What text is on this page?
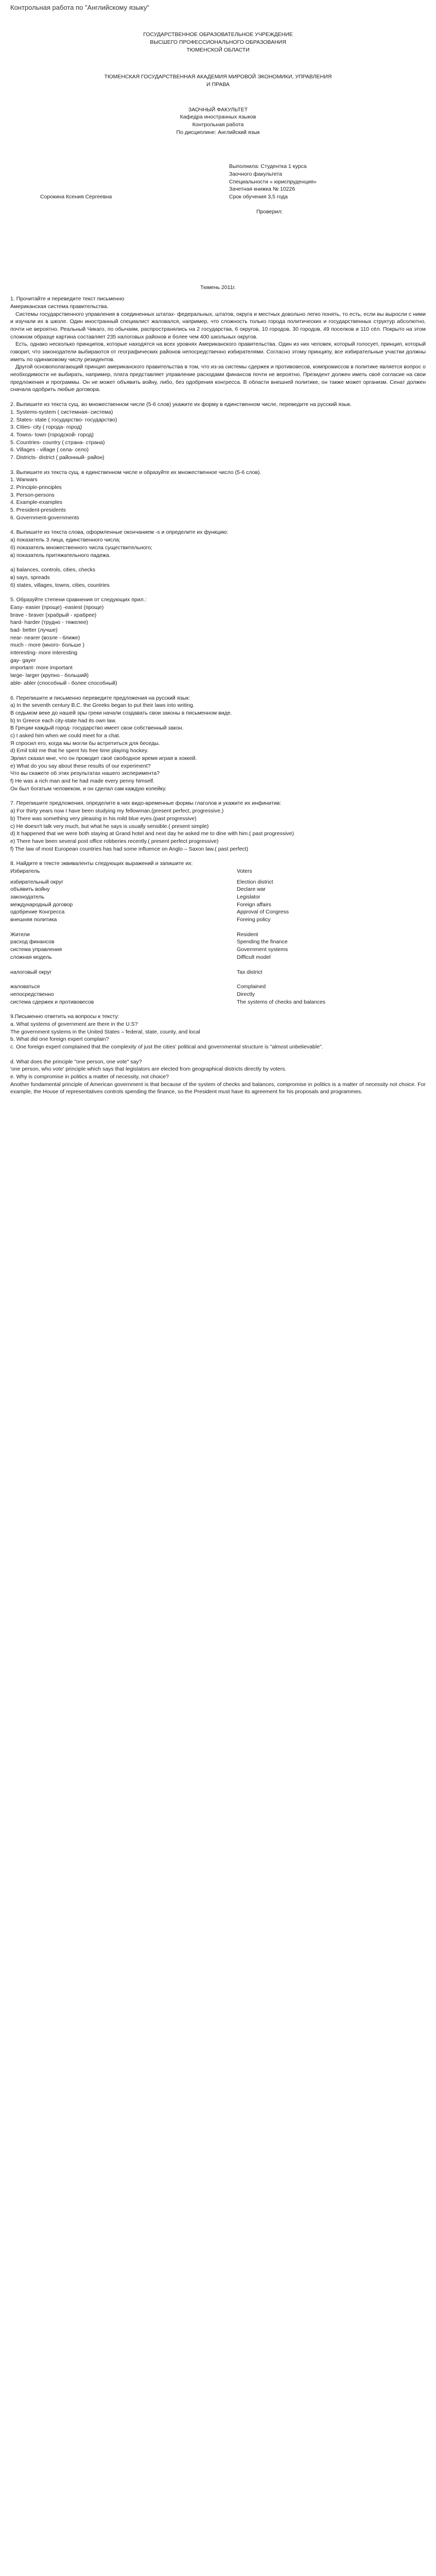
Контрольная работа по "Английскому языку"

ГОСУДАРСТВЕННОЕ ОБРАЗОВАТЕЛЬНОЕ УЧРЕЖДЕНИЕ

ВЫСШЕГО ПРОФЕССИОНАЛЬНОГО ОБРАЗОВАНИЯ

ТЮМЕНСКОЙ ОБЛАСТИ

ТЮМЕНСКАЯ ГОСУДАРСТВЕННАЯ АКАДЕМИЯ МИРОВОЙ ЭКОНОМИКИ, УПРАВЛЕНИЯ

И ПРАВА

ЗАОЧНЫЙ ФАКУЛЬТЕТ

Кафедра иностранных языков

Контрольная работа

По дисциплине: Английский язык

Выполнила: Студентка 1 курса

Заочного факультета

Специальности « юриспруденция»

Зачетная книжка № 10226

Сорокина Ксения Сергеевна	Срок обучения 3,5 года
Проверил:
Тюмень 2011г.

1. Прочитайте и переведите текст письменно

Американская система правительства.

Системы государственного управления в соединенных штатах- федеральных, штатов, округа и местных довольно легко понять, то есть, если вы выросли с ними и изучали их в школе. Один иностранный специалист жаловался, например, что сложность только города политических и государственных структур абсолютно, почти не вероятно. Реальный Чикаго, по обычаям, распространялись на 2 государства, 6 округов, 10 городов, 30 городов, 49 поселков и 110 сёл. Покрыто на этом сложном образце картина составляет 235 налоговых районов и более чем 400 школьных округов.

Есть, однако несколько принципов, которые находятся на всех уровнях Американского правительства. Один из них человек, который голосует, принцип, который говорит, что законодатели выбираются от географических районов непосредственно избирателями. Согласно этому принципу, все избирательные участки должны иметь по одинаковому числу резидентов.

Другой основополагающий принцип американского правительства в том, что из-за системы сдержек и противовесов, компромиссов в политике является вопрос о необходимости не выбирать, например, плата представляет управление расходами финансов почти не вероятно. Президент должен иметь своё согласие на свои предложения и программы. Он не может объявить войну, либо, без одобрения конгресса. В области внешней политике, он также может организм. Сенат должен сначала одобрить любые договора.

2. Выпишите из текста сущ. во множественном числе (5-6 слов) укажите их форму в единственном числе, переведите на русский язык.

1. Systems-system ( системная- система)

2. States- state ( государство- государство)

3. Cities- city ( города- город)

4. Towns- town (городской- город)

5. Countries- country ( страна- страна)

6. Villages - village ( села- село)

7. Districts- district ( районный- район)

3. Выпишите из текста сущ. в единственном числе и образуйте их множественное число (5-6 слов).

1. Warwars

2. Principle-principles

3. Person-persons

4. Example-examples

5. President-presidents

6. Government-governments

4. Выпишите из текста слова, оформленные окончанием -s и определите их функцию:

а) показатель 3 лица, единственного числа;

б) показатель множественного числа существительного;

в) показатель притяжательного падежа.

а) balances, controls, cities, checks

в) says, spreads

б) states, villages, towns, cities, countries

5. Образуйте степени сравнения от следующих прил.:

Easy- easier (проще) -easiest (проще)

brave - braver (храбрый - храбрее)

hard- harder (трудно - тяжелее)

bad- better (лучше)

near- nearer (возле - ближе)

much - more (много- больше )

interesting- more interesting

gay- gayer

important- more important

large- larger (крупно - больший)

able- abler (способный - более способный)

6. Перепишите и письменно переведите предложения на русский язык:

a) In the seventh century B.C. the Greeks began to put their laws into writing.

В седьмом веке до нашей эры греки начали создавать свои законы в письменном виде.

b) In Greece each city-state had its own law.

В Греции каждый город- государство имеет свои собственный закон.

c) I asked him when we could meet for a chat.

Я спросил его, когда мы могли бы встретиться для беседы.

d) Emil told me that he spent his free time playing hockey.

Эрлил сказал мне, что он проводит своё свободное время играя в хоккей.

e) What do you say about these results of our experiment?

Что вы скажете об этих результатах нашего эксперимента?

f) He was a rich man and he had made every penny himself.

Он был богатым человеком, и он сделал сам каждую копейку.

7. Перепишите предложения, определите в них видо-временные формы глаголов и укажите их инфинитив:

a) For thirty years now I have been studying my fellowman.(present perfect, progressive.)

b) There was something very pleasing in his mild blue eyes.(past progressive)

c) He doesn't talk very much, but what he says is usually sensible.( present simple)

d) It happened that we were both staying at Grand hotel and next day he asked me to dine with him.( past progressive)

e) There have been several post office robberies recently.( present perfect progressive)

f) The law of most European countries has had some influence on Anglo – Saxon law.( past perfect)

8. Найдите в тексте эквиваленты следующих выражений и запишите их:

Избиратель	Voters
избирательный округ	Election district
объявить войну	Declare war
законодатель	Legislator
международный договор	Foreign affairs
одобрение Конгресса	Approval of Congress
внешняя политика	Foreing policy
Жители	Resident
расход финансов	Spending the finance
система управления	Government systems
сложная модель	Difficult model
налоговый округ	Tax district
жаловаться	Complained
непосредственно	Directly
система сдержек и противовесов	The systems of checks and balances

9.Письменно ответить на вопросы к тексту:

a. What systems of government are there in the U.S?

The government systems in the United States – federal, state, county, and local

b. What did one foreign expert complain?

c. One foreign expert complained that the complexity of just the cities' political and governmental structure is "almost unbelievable".

d. What does the principle "one person, one vote" say?

'one person, who vote' principle which says that legislators are elected from geographical districts directly by voters.

e. Why is compromise in politics a matter of necessity, not choice?

Another fundamental principle of American government is that because of the system of checks and balances, compromise in politics is a matter of necessity not choice. For example, the House of representatives controls spending the finance, so the President must have its agreement for his proposals and programmes.
